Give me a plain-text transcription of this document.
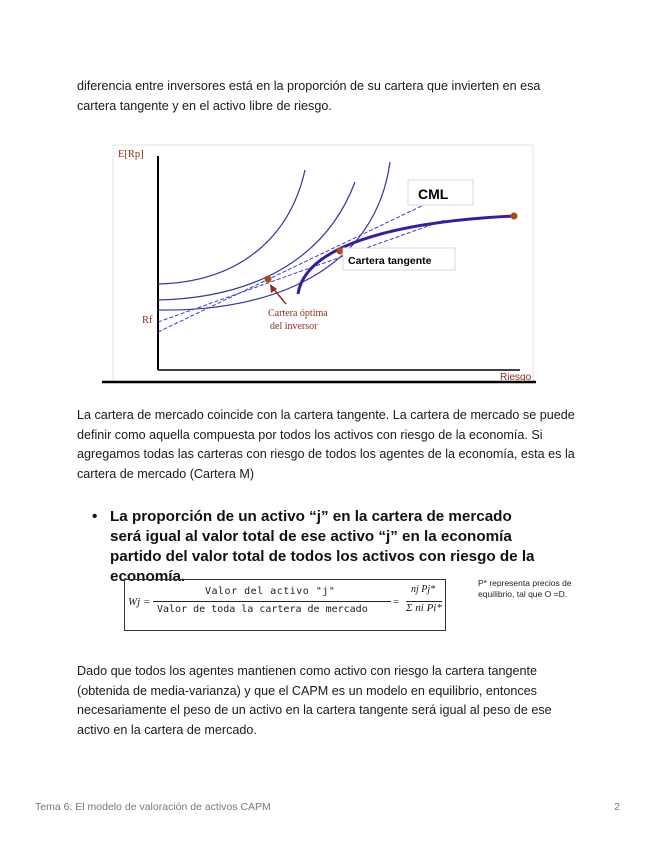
diferencia entre inversores está en la proporción de su cartera que invierten en esa cartera tangente y en el activo libre de riesgo.

CML
Cartera tangente
E[Rp]
Rf
Riesgo
Cartera óptima
del inversor

La cartera de mercado coincide con la cartera tangente. La cartera de mercado se puede definir como aquella compuesta por todos los activos con riesgo de la economía. Si agregamos todas las carteras con riesgo de todos los agentes de la economía, esta es la cartera de mercado (Cartera M)

• La proporción de un activo “j” en la cartera de mercado será igual al valor total de ese activo “j” en la economía partido del valor total de todos los activos con riesgo de la economía.
Wj =
Valor del activo "j"
Valor de toda la cartera de mercado
=
nj Pj*
Σ ni Pi*
P* representa precios de equilibrio, tal que O =D.

Dado que todos los agentes mantienen como activo con riesgo la cartera tangente (obtenida de media-varianza) y que el CAPM es un modelo en equilibrio, entonces necesariamente el peso de un activo en la cartera tangente será igual al peso de ese activo en la cartera de mercado.

Tema 6: El modelo de valoración de activos CAPM	2
